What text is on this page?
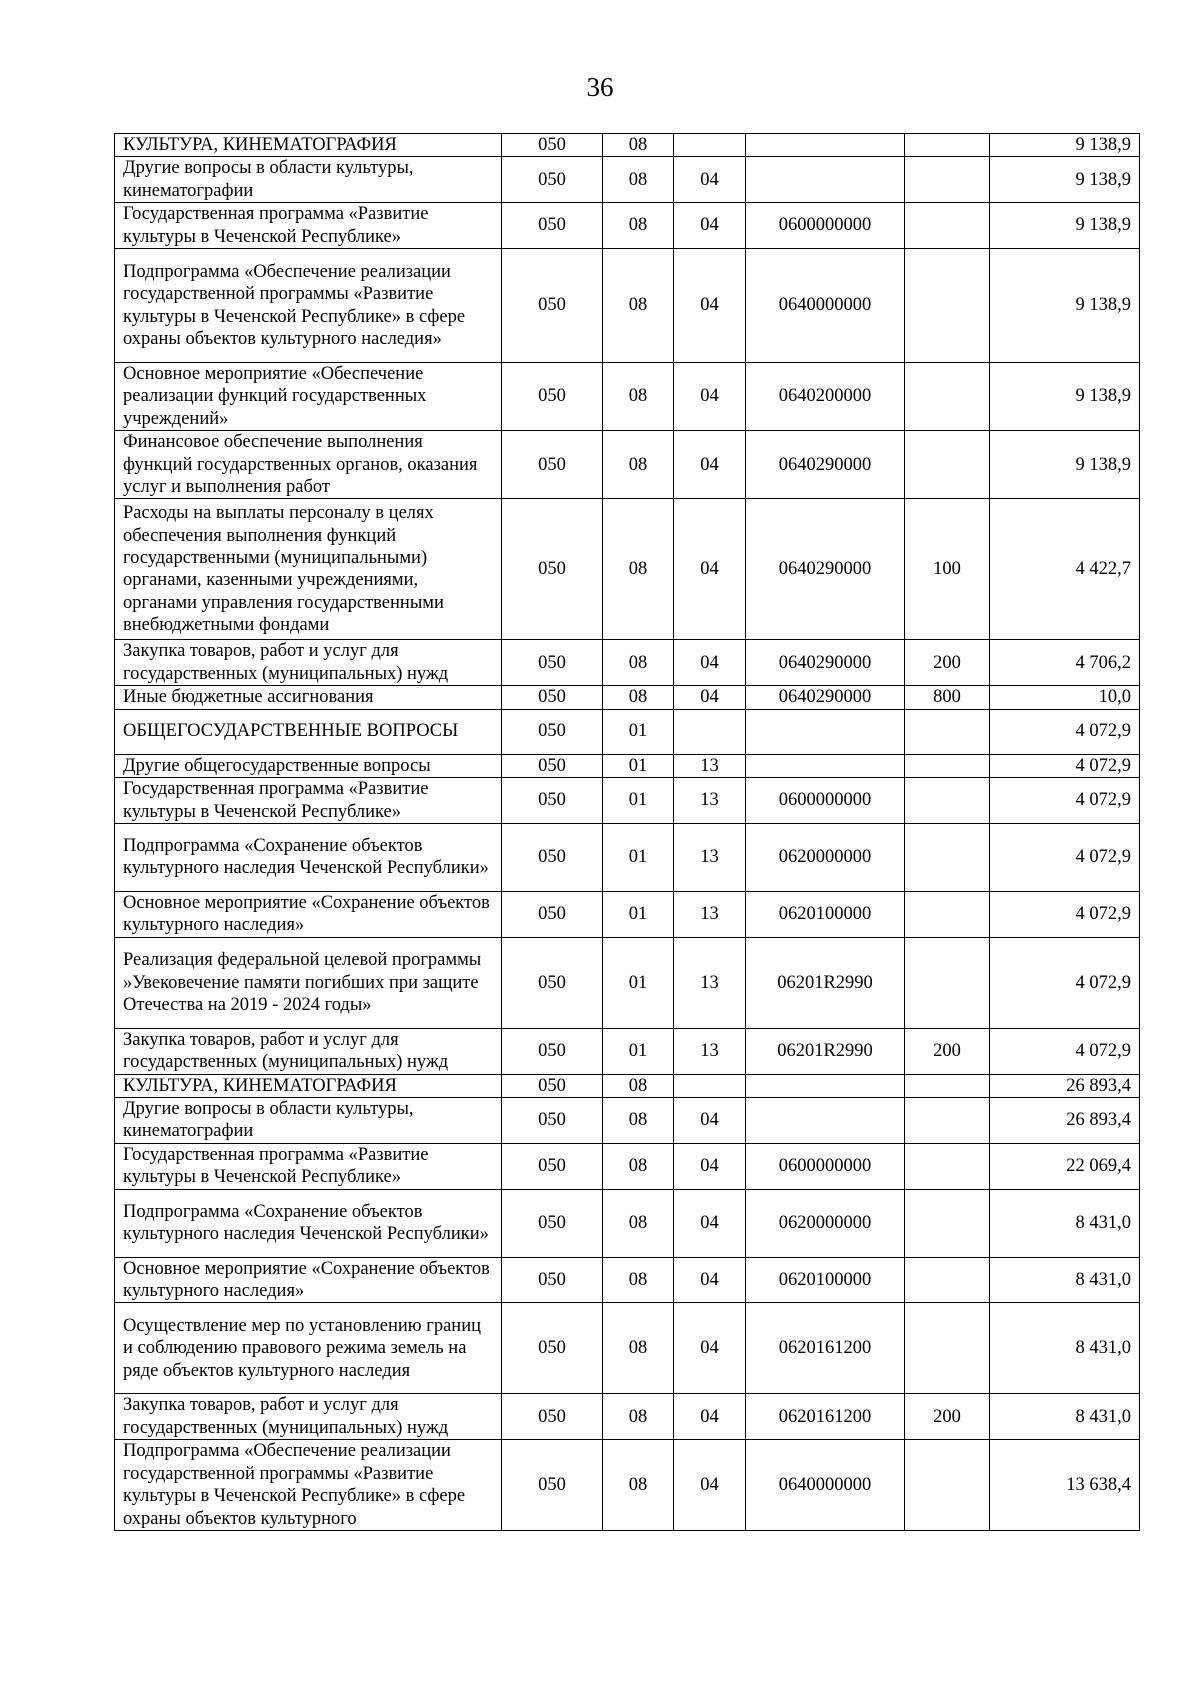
36
КУЛЬТУРА, КИНЕМАТОГРАФИЯ	050	08				9 138,9
Другие вопросы в области культуры, кинематографии	050	08	04			9 138,9
Государственная программа «Развитие культуры в Чеченской Республике»	050	08	04	0600000000		9 138,9
Подпрограмма «Обеспечение реализации государственной программы «Развитие культуры в Чеченской Республике» в сфере охраны объектов культурного наследия»	050	08	04	0640000000		9 138,9
Основное мероприятие «Обеспечение реализации функций государственных учреждений»	050	08	04	0640200000		9 138,9
Финансовое обеспечение выполнения функций государственных органов, оказания услуг и выполнения работ	050	08	04	0640290000		9 138,9
Расходы на выплаты персоналу в целях обеспечения выполнения функций государственными (муниципальными) органами, казенными учреждениями, органами управления государственными внебюджетными фондами	050	08	04	0640290000	100	4 422,7
Закупка товаров, работ и услуг для государственных (муниципальных) нужд	050	08	04	0640290000	200	4 706,2
Иные бюджетные ассигнования	050	08	04	0640290000	800	10,0
ОБЩЕГОСУДАРСТВЕННЫЕ ВОПРОСЫ	050	01				4 072,9
Другие общегосударственные вопросы	050	01	13			4 072,9
Государственная программа «Развитие культуры в Чеченской Республике»	050	01	13	0600000000		4 072,9
Подпрограмма «Сохранение объектов культурного наследия Чеченской Республики»	050	01	13	0620000000		4 072,9
Основное мероприятие «Сохранение объектов культурного наследия»	050	01	13	0620100000		4 072,9
Реализация федеральной целевой программы »Увековечение памяти погибших при защите Отечества на 2019 - 2024 годы»	050	01	13	06201R2990		4 072,9
Закупка товаров, работ и услуг для государственных (муниципальных) нужд	050	01	13	06201R2990	200	4 072,9
КУЛЬТУРА, КИНЕМАТОГРАФИЯ	050	08				26 893,4
Другие вопросы в области культуры, кинематографии	050	08	04			26 893,4
Государственная программа «Развитие культуры в Чеченской Республике»	050	08	04	0600000000		22 069,4
Подпрограмма «Сохранение объектов культурного наследия Чеченской Республики»	050	08	04	0620000000		8 431,0
Основное мероприятие «Сохранение объектов культурного наследия»	050	08	04	0620100000		8 431,0
Осуществление мер по установлению границ и соблюдению правового режима земель на ряде объектов культурного наследия	050	08	04	0620161200		8 431,0
Закупка товаров, работ и услуг для государственных (муниципальных) нужд	050	08	04	0620161200	200	8 431,0
Подпрограмма «Обеспечение реализации государственной программы «Развитие культуры в Чеченской Республике» в сфере охраны объектов культурного	050	08	04	0640000000		13 638,4
